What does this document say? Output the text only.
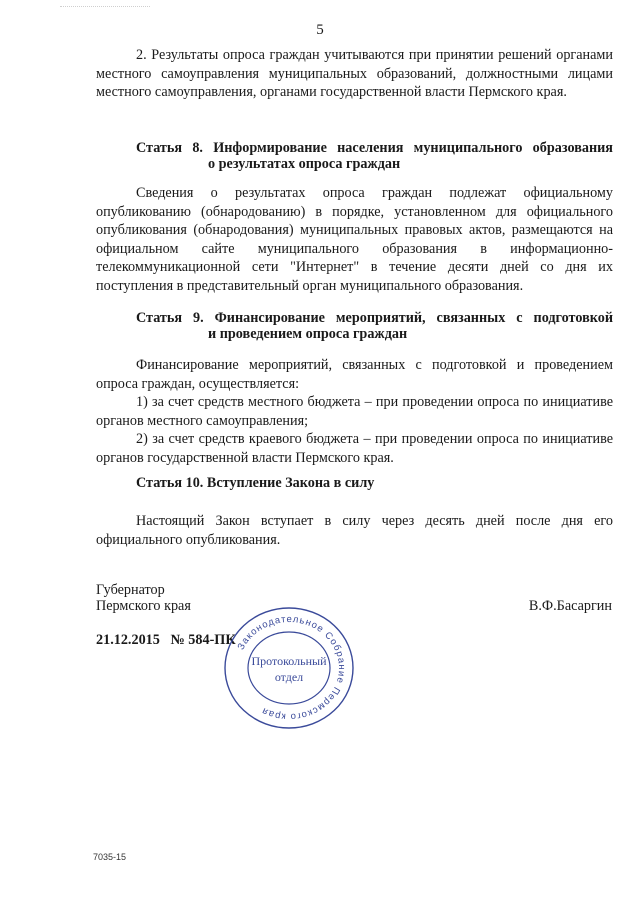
5

2. Результаты опроса граждан учитываются при принятии решений органами местного самоуправления муниципальных образований, должностными лицами местного самоуправления, органами государственной власти Пермского края.

Статья 8. Информирование населения муниципального образования
о результатах опроса граждан

Сведения о результатах опроса граждан подлежат официальному опубликованию (обнародованию) в порядке, установленном для официального опубликования (обнародования) муниципальных правовых актов, размещаются на официальном сайте муниципального образования в информационно-телекоммуникационной сети "Интернет" в течение десяти дней со дня их поступления в представительный орган муниципального образования.

Статья 9. Финансирование мероприятий, связанных с подготовкой
и проведением опроса граждан

Финансирование мероприятий, связанных с подготовкой и проведением опроса граждан, осуществляется:

1) за счет средств местного бюджета – при проведении опроса по инициативе органов местного самоуправления;

2) за счет средств краевого бюджета – при проведении опроса по инициативе органов государственной власти Пермского края.

Статья 10. Вступление Закона в силу

Настоящий Закон вступает в силу через десять дней после дня его официального опубликования.

Губернатор
Пермского края	В.Ф.Басаргин
21.12.2015 № 584-ПК Законодательное Собрание Пермского края
Протокольный
отдел
7035-15
